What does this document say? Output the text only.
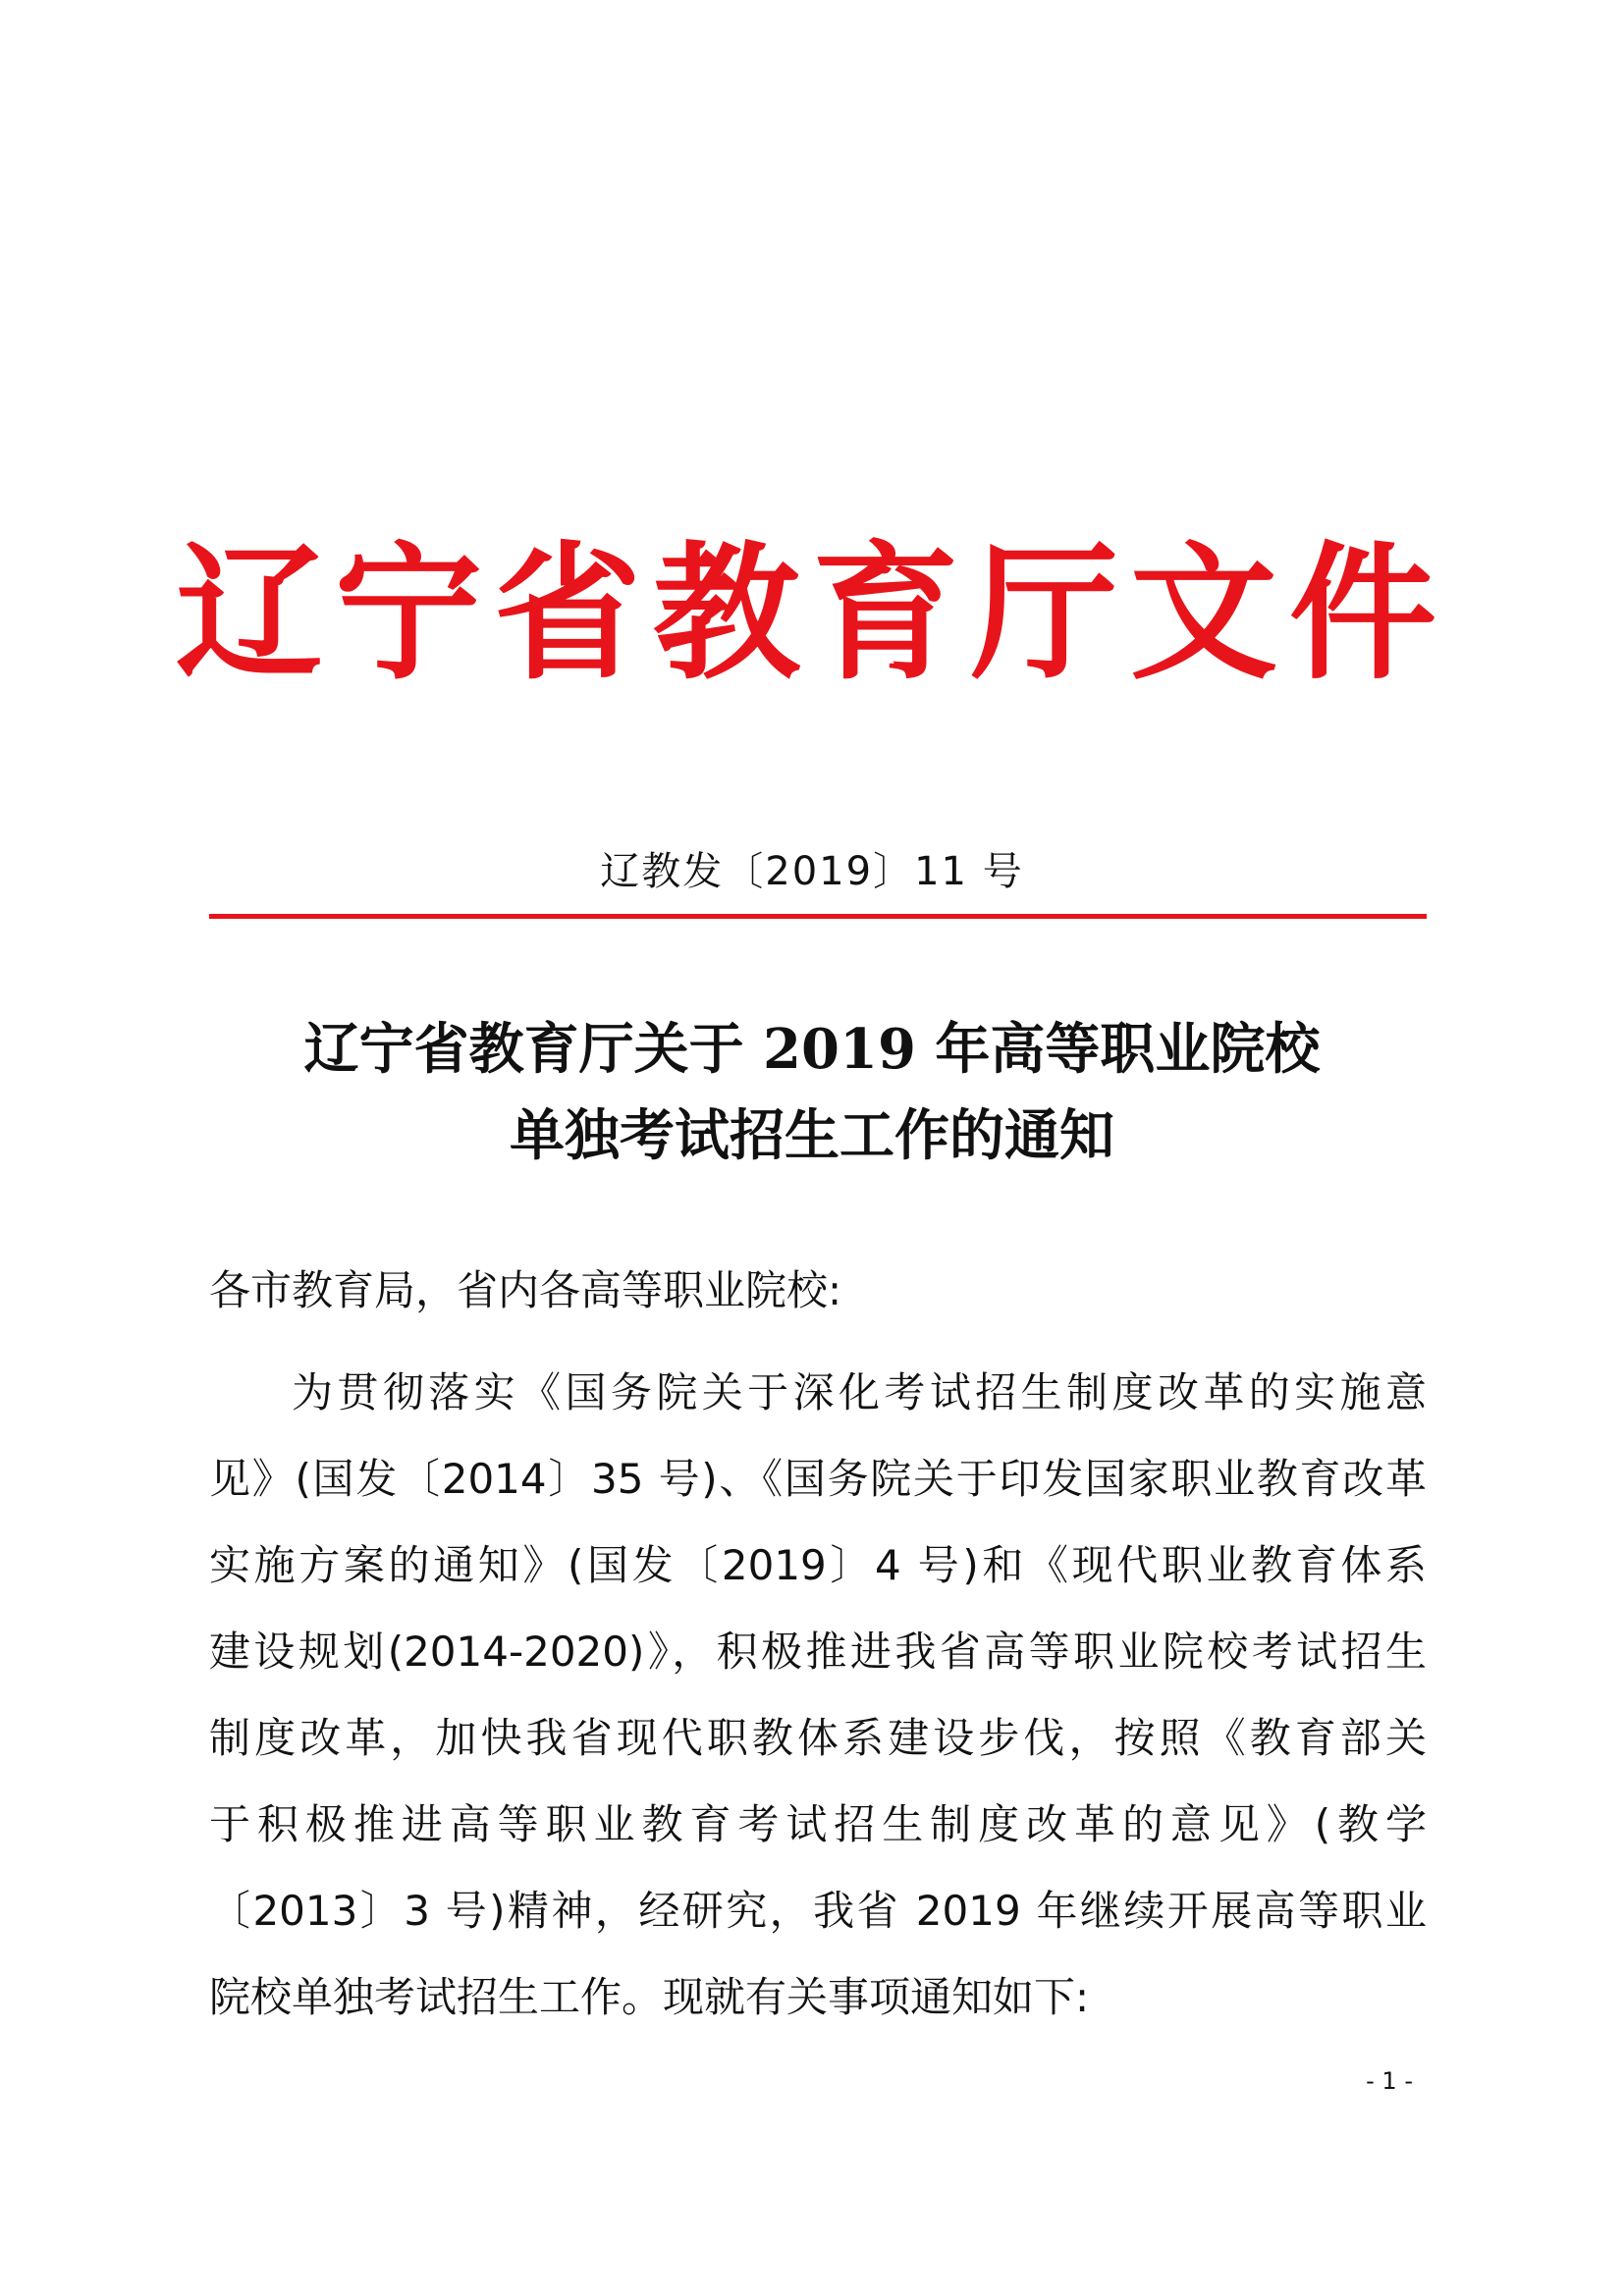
辽宁省教育厅文件
辽教发〔2019〕11 号
辽宁省教育厅关于 2019 年高等职业院校
单独考试招生工作的通知
各市教育局，省内各高等职业院校:
为贯彻落实《国务院关于深化考试招生制度改革的实施意
见》(国发〔2014〕35 号)、《国务院关于印发国家职业教育改革
实施方案的通知》(国发〔2019〕4 号)和《现代职业教育体系
建设规划(2014-2020)》，积极推进我省高等职业院校考试招生
制度改革，加快我省现代职教体系建设步伐，按照《教育部关
于积极推进高等职业教育考试招生制度改革的意见》(教学
〔2013〕3 号)精神，经研究，我省 2019 年继续开展高等职业
院校单独考试招生工作。现就有关事项通知如下:
- 1 -
